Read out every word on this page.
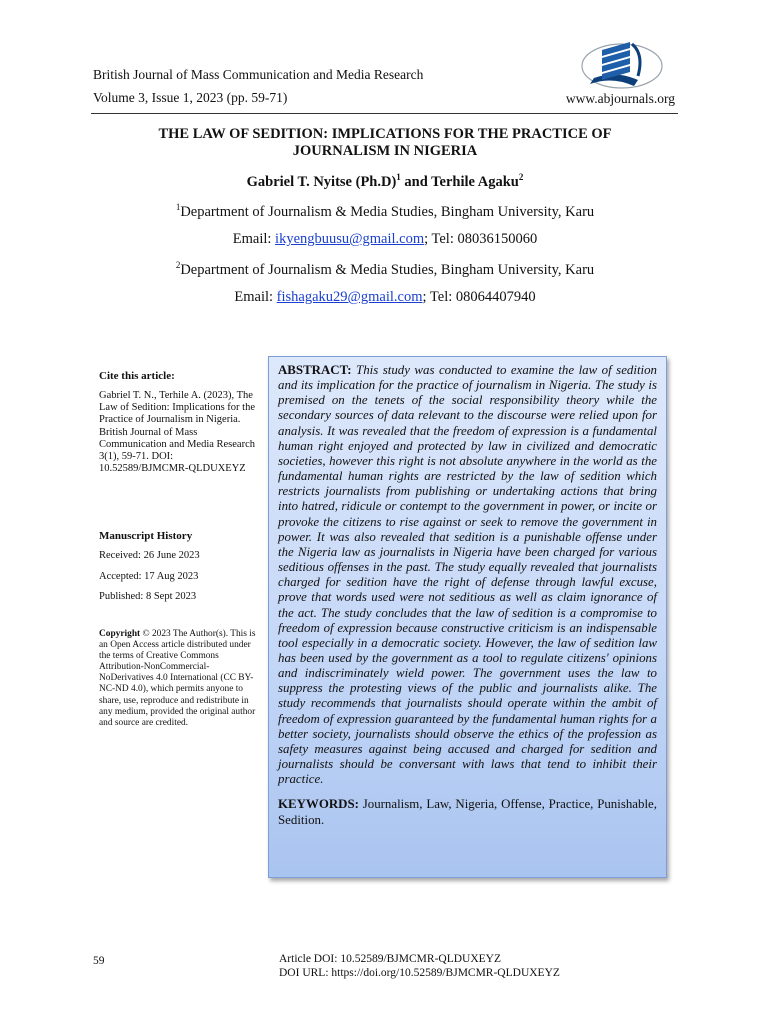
British Journal of Mass Communication and Media Research
Volume 3, Issue 1, 2023 (pp. 59-71)	www.abjournals.org
THE LAW OF SEDITION: IMPLICATIONS FOR THE PRACTICE OF
JOURNALISM IN NIGERIA
Gabriel T. Nyitse $(Ph.D)^1$ and Terhile Agaku$^2$
$^1$Department of Journalism & Media Studies, Bingham University, Karu
Email: ikyengbuusu@gmail.com; Tel: 08036150060
$^2$Department of Journalism & Media Studies, Bingham University, Karu
Email: fishagaku29@gmail.com; Tel: 08064407940
Cite this article:
Gabriel T. N., Terhile A. (2023), The Law of Sedition: Implications for the Practice of Journalism in Nigeria. British Journal of Mass Communication and Media Research 3(1), 59-71. DOI: 10.52589/BJMCMR-QLDUXEYZ
Manuscript History
Received: 26 June 2023
Accepted: 17 Aug 2023
Published: 8 Sept 2023
Copyright © 2023 The Author(s). This is an Open Access article distributed under the terms of Creative Commons Attribution-NonCommercial-NoDerivatives 4.0 International (CC BY-NC-ND 4.0), which permits anyone to share, use, reproduce and redistribute in any medium, provided the original author and source are credited.
ABSTRACT: This study was conducted to examine the law of sedition and its implication for the practice of journalism in Nigeria. The study is premised on the tenets of the social responsibility theory while the secondary sources of data relevant to the discourse were relied upon for analysis. It was revealed that the freedom of expression is a fundamental human right enjoyed and protected by law in civilized and democratic societies, however this right is not absolute anywhere in the world as the fundamental human rights are restricted by the law of sedition which restricts journalists from publishing or undertaking actions that bring into hatred, ridicule or contempt to the government in power, or incite or provoke the citizens to rise against or seek to remove the government in power. It was also revealed that sedition is a punishable offense under the Nigeria law as journalists in Nigeria have been charged for various seditious offenses in the past. The study equally revealed that journalists charged for sedition have the right of defense through lawful excuse, prove that words used were not seditious as well as claim ignorance of the act. The study concludes that the law of sedition is a compromise to freedom of expression because constructive criticism is an indispensable tool especially in a democratic society. However, the law of sedition law has been used by the government as a tool to regulate citizens' opinions and indiscriminately wield power. The government uses the law to suppress the protesting views of the public and journalists alike. The study recommends that journalists should operate within the ambit of freedom of expression guaranteed by the fundamental human rights for a better society, journalists should observe the ethics of the profession as safety measures against being accused and charged for sedition and journalists should be conversant with laws that tend to inhibit their practice.
KEYWORDS: Journalism, Law, Nigeria, Offense, Practice, Punishable, Sedition.
59	Article DOI: 10.52589/BJMCMR-QLDUXEYZ
DOI URL: https://doi.org/10.52589/BJMCMR-QLDUXEYZ
